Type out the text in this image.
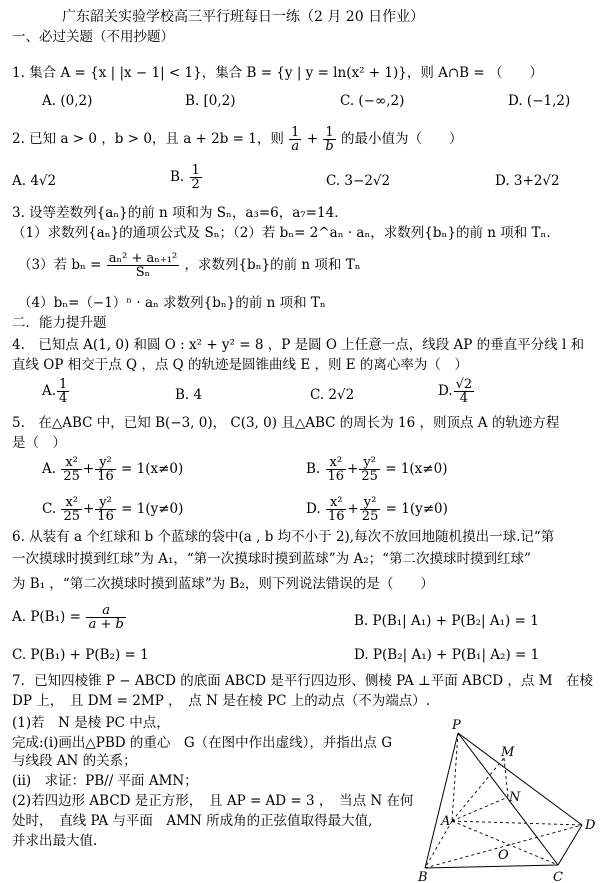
广东韶关实验学校高三平行班每日一练（2 月 20 日作业）
一、必过关题（不用抄题）
1. 集合 A = {x | |x − 1| < 1}，集合 B = {y | y = ln(x² + 1)}，则 A∩B = （　　）
A. (0,2)	B. [0,2)	C. (−∞,2)	D. (−1,2)
2. 已知 a > 0 ，b > 0，且 a + 2b = 1，则 $\frac{1}{a} + \frac{1}{b}$ 的最小值为（　　）
A. 4√2	B. $\frac{1}{2}$	C. 3−2√2	D. 3+2√2
3. 设等差数列{aₙ}的前 n 项和为 Sₙ，a₃=6，a₇=14．
（1）求数列{aₙ}的通项公式及 Sₙ；（2）若 bₙ= 2^aₙ · aₙ，求数列{bₙ}的前 n 项和 Tₙ．
（3）若 $b_n = \frac{\text{aₙ² + aₙ₊₁²}}{\text{Sₙ}}$ ，求数列{bₙ}的前 n 项和 Tₙ
（4）bₙ=（−1）ⁿ · aₙ 求数列{bₙ}的前 n 项和 Tₙ
二．能力提升题
4.　已知点 A(1, 0) 和圆 O : x² + y² = 8 ，P 是圆 O 上任意一点，线段 AP 的垂直平分线 l 和
直线 OP 相交于点 Q ，点 Q 的轨迹是圆锥曲线 E ，则 E 的离心率为（　）
A. $\frac{1}{4}$	B. 4	C. 2√2	D. $\frac{√2}{4}$
5.　在△ABC 中，已知 B(−3, 0)， C(3, 0) 且△ABC 的周长为 16 ，则顶点 A 的轨迹方程
是（　）
A. $\frac{\text{x²}}{25} + \frac{\text{y²}}{16} = 1(x\ne 0)$	B. $\frac{\text{x²}}{16} + \frac{\text{y²}}{25} = 1(x\ne 0)$
C. $\frac{\text{x²}}{25} + \frac{\text{y²}}{16} = 1(y\ne 0)$	D. $\frac{\text{x²}}{16} + \frac{\text{y²}}{25} = 1(y\ne 0)$
6. 从装有 a 个红球和 b 个蓝球的袋中(a , b 均不小于 2),每次不放回地随机摸出一球.记“第
一次摸球时摸到红球”为 A₁，“第一次摸球时摸到蓝球”为 A₂；“第二次摸球时摸到红球”
为 B₁ ，“第二次摸球时摸到蓝球”为 B₂，则下列说法错误的是（　　）
A. $P(B_1) = \frac{a}{a + b}$	B. P(B₁| A₁) + P(B₂| A₁) = 1
C. P(B₁) + P(B₂) = 1	D. P(B₂| A₁) + P(B₁| A₂) = 1
7．已知四棱锥 P − ABCD 的底面 ABCD 是平行四边形、侧棱 PA ⊥平面 ABCD ，点 M　在棱
DP 上，　且 DM = 2MP ，　点 N 是在棱 PC 上的动点（不为端点）.
(1)若　N 是棱 PC 中点，
完成:(i)画出△PBD 的重心　G（在图中作出虚线），并指出点 G
与线段 AN 的关系；
(ii)　求证：PB// 平面 AMN；
(2)若四边形 ABCD 是正方形，　且 AP = AD = 3 ，　当点 N 在何
处时，　直线 PA 与平面　AMN 所成角的正弦值取得最大值,
并求出最大值.
P
M
N
A	D
O
B	C
